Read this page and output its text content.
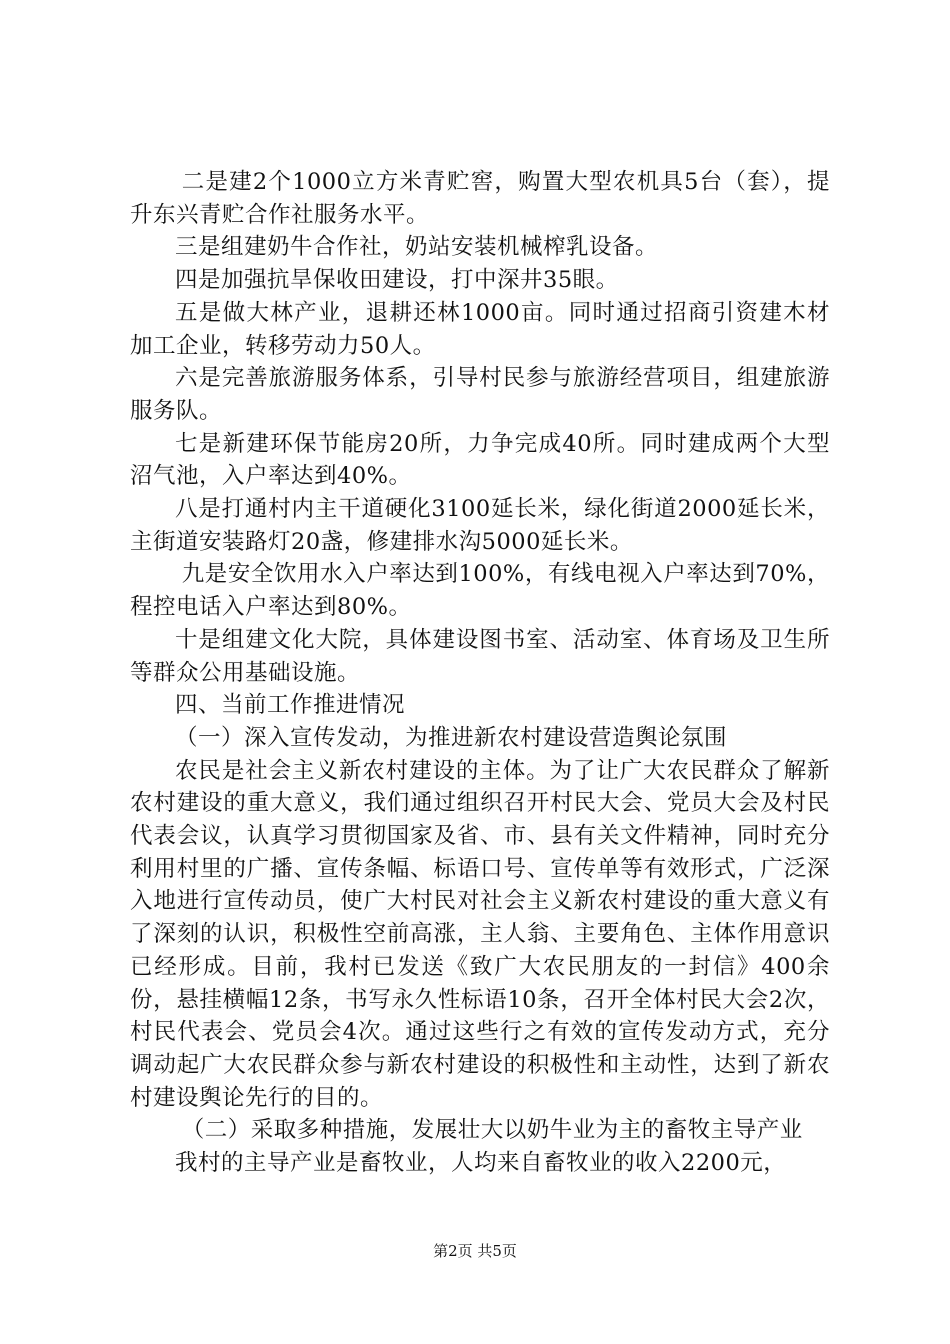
二是建2个1000立方米青贮窖，购置大型农机具5台（套），提升东兴青贮合作社服务水平。

三是组建奶牛合作社，奶站安装机械榨乳设备。

四是加强抗旱保收田建设，打中深井35眼。

五是做大林产业，退耕还林1000亩。同时通过招商引资建木材加工企业，转移劳动力50人。

六是完善旅游服务体系，引导村民参与旅游经营项目，组建旅游服务队。

七是新建环保节能房20所，力争完成40所。同时建成两个大型沼气池，入户率达到40%。

八是打通村内主干道硬化3100延长米，绿化街道2000延长米，主街道安装路灯20盏，修建排水沟5000延长米。

九是安全饮用水入户率达到100%，有线电视入户率达到70%，程控电话入户率达到80%。

十是组建文化大院，具体建设图书室、活动室、体育场及卫生所等群众公用基础设施。

四、当前工作推进情况

（一）深入宣传发动，为推进新农村建设营造舆论氛围

农民是社会主义新农村建设的主体。为了让广大农民群众了解新农村建设的重大意义，我们通过组织召开村民大会、党员大会及村民代表会议，认真学习贯彻国家及省、市、县有关文件精神，同时充分利用村里的广播、宣传条幅、标语口号、宣传单等有效形式，广泛深入地进行宣传动员，使广大村民对社会主义新农村建设的重大意义有了深刻的认识，积极性空前高涨，主人翁、主要角色、主体作用意识已经形成。目前，我村已发送《致广大农民朋友的一封信》400余份，悬挂横幅12条，书写永久性标语10条，召开全体村民大会2次，村民代表会、党员会4次。通过这些行之有效的宣传发动方式，充分调动起广大农民群众参与新农村建设的积极性和主动性，达到了新农村建设舆论先行的目的。

（二）采取多种措施，发展壮大以奶牛业为主的畜牧主导产业

我村的主导产业是畜牧业，人均来自畜牧业的收入2200元，

第2页 共5页
